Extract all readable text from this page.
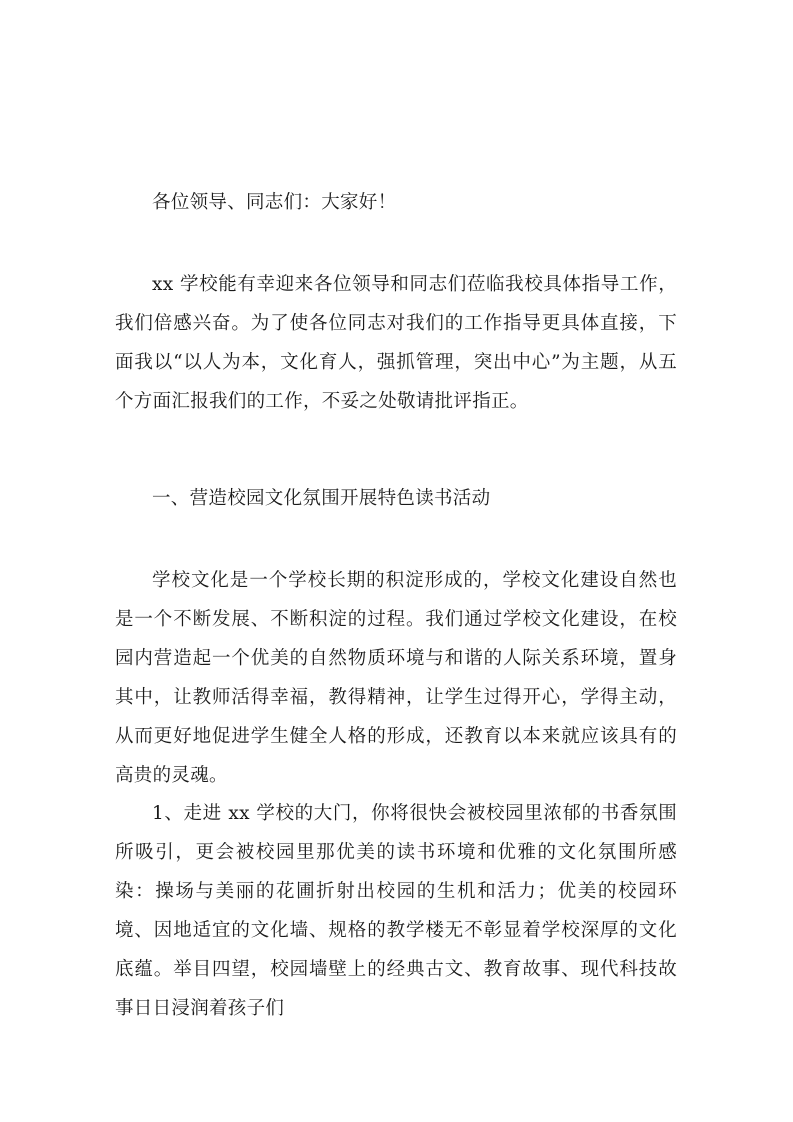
各位领导、同志们：大家好！

xx 学校能有幸迎来各位领导和同志们莅临我校具体指导工作，我们倍感兴奋。为了使各位同志对我们的工作指导更具体直接，下面我以“以人为本，文化育人，强抓管理，突出中心”为主题，从五个方面汇报我们的工作，不妥之处敬请批评指正。

一、营造校园文化氛围开展特色读书活动

学校文化是一个学校长期的积淀形成的，学校文化建设自然也是一个不断发展、不断积淀的过程。我们通过学校文化建设，在校园内营造起一个优美的自然物质环境与和谐的人际关系环境，置身其中，让教师活得幸福，教得精神，让学生过得开心，学得主动，从而更好地促进学生健全人格的形成，还教育以本来就应该具有的高贵的灵魂。

1、走进 xx 学校的大门，你将很快会被校园里浓郁的书香氛围所吸引，更会被校园里那优美的读书环境和优雅的文化氛围所感染：操场与美丽的花圃折射出校园的生机和活力；优美的校园环境、因地适宜的文化墙、规格的教学楼无不彰显着学校深厚的文化底蕴。举目四望，校园墙壁上的经典古文、教育故事、现代科技故事日日浸润着孩子们
